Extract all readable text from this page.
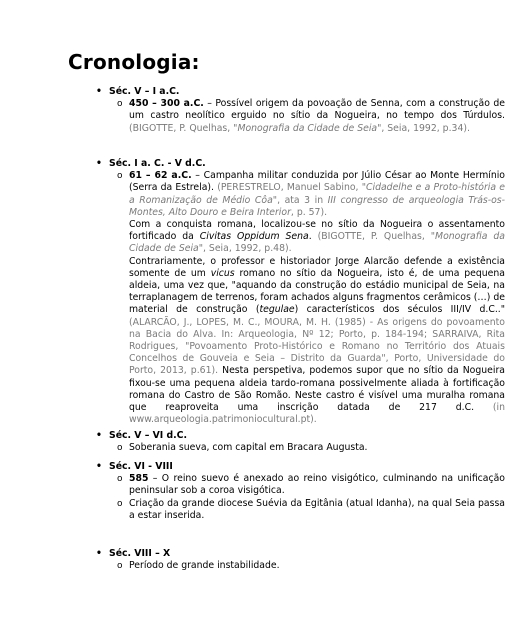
Cronologia:
• Séc. V – I a.C.
o 450 – 300 a.C. – Possível origem da povoação de Senna, com a construção de um castro neolítico erguido no sítio da Nogueira, no tempo dos Túrdulos. (BIGOTTE, P. Quelhas, "Monografia da Cidade de Seia", Seia, 1992, p.34).

• Séc. I a. C. - V d.C.
o 61 – 62 a.C. – Campanha militar conduzida por Júlio César ao Monte Hermínio (Serra da Estrela). (PERESTRELO, Manuel Sabino, "Cidadelhe e a Proto-história e a Romanização de Médio Côa", ata 3 in III congresso de arqueologia Trás-os-Montes, Alto Douro e Beira Interior, p. 57).

Com a conquista romana, localizou-se no sítio da Nogueira o assentamento fortificado da Civitas Oppidum Sena. (BIGOTTE, P. Quelhas, "Monografia da Cidade de Seia", Seia, 1992, p.48).

Contrariamente, o professor e historiador Jorge Alarcão defende a existência somente de um vicus romano no sítio da Nogueira, isto é, de uma pequena aldeia, uma vez que, "aquando da construção do estádio municipal de Seia, na terraplanagem de terrenos, foram achados alguns fragmentos cerâmicos (…) de material de construção (tegulae) característicos dos séculos III/IV d.C.." (ALARCÃO, J., LOPES, M. C., MOURA, M. H. (1985) - As origens do povoamento na Bacia do Alva. In: Arqueologia, Nº 12; Porto, p. 184-194; SARRAIVA, Rita Rodrigues, "Povoamento Proto-Histórico e Romano no Território dos Atuais Concelhos de Gouveia e Seia – Distrito da Guarda", Porto, Universidade do Porto, 2013, p.61). Nesta perspetiva, podemos supor que no sítio da Nogueira fixou-se uma pequena aldeia tardo-romana possivelmente aliada à fortificação romana do Castro de São Romão. Neste castro é visível uma muralha romana que reaproveita uma inscrição datada de 217 d.C. (in www.arqueologia.patrimoniocultural.pt).

• Séc. V – VI d.C.
o Soberania sueva, com capital em Bracara Augusta.

• Séc. VI - VIII
o 585 – O reino suevo é anexado ao reino visigótico, culminando na unificação peninsular sob a coroa visigótica.

o Criação da grande diocese Suévia da Egitânia (atual Idanha), na qual Seia passa a estar inserida.

• Séc. VIII – X
o Período de grande instabilidade.
